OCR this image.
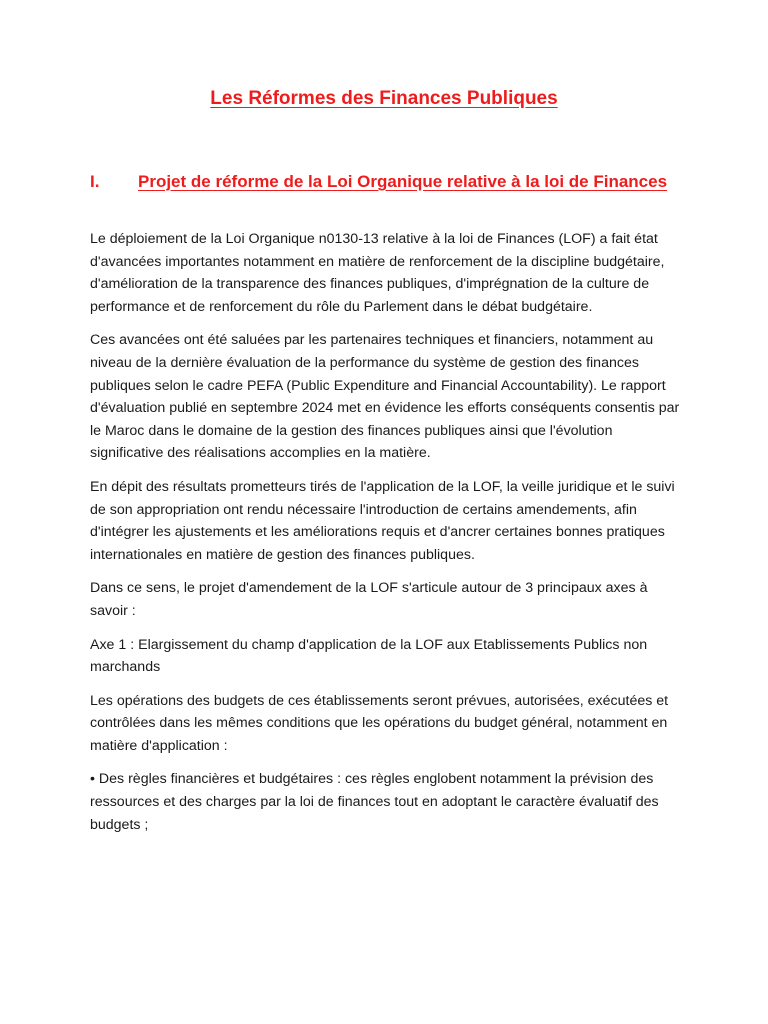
Les Réformes des Finances Publiques
I. Projet de réforme de la Loi Organique relative à la loi de Finances

Le déploiement de la Loi Organique n0130-13 relative à la loi de Finances (LOF) a fait état d'avancées importantes notamment en matière de renforcement de la discipline budgétaire, d'amélioration de la transparence des finances publiques, d'imprégnation de la culture de performance et de renforcement du rôle du Parlement dans le débat budgétaire.

Ces avancées ont été saluées par les partenaires techniques et financiers, notamment au niveau de la dernière évaluation de la performance du système de gestion des finances publiques selon le cadre PEFA (Public Expenditure and Financial Accountability). Le rapport d'évaluation publié en septembre 2024 met en évidence les efforts conséquents consentis par le Maroc dans le domaine de la gestion des finances publiques ainsi que l'évolution significative des réalisations accomplies en la matière.

En dépit des résultats prometteurs tirés de l'application de la LOF, la veille juridique et le suivi de son appropriation ont rendu nécessaire l'introduction de certains amendements, afin d'intégrer les ajustements et les améliorations requis et d'ancrer certaines bonnes pratiques internationales en matière de gestion des finances publiques.

Dans ce sens, le projet d'amendement de la LOF s'articule autour de 3 principaux axes à savoir :

Axe 1 : Elargissement du champ d'application de la LOF aux Etablissements Publics non marchands

Les opérations des budgets de ces établissements seront prévues, autorisées, exécutées et contrôlées dans les mêmes conditions que les opérations du budget général, notamment en matière d'application :

• Des règles financières et budgétaires : ces règles englobent notamment la prévision des ressources et des charges par la loi de finances tout en adoptant le caractère évaluatif des budgets ;
